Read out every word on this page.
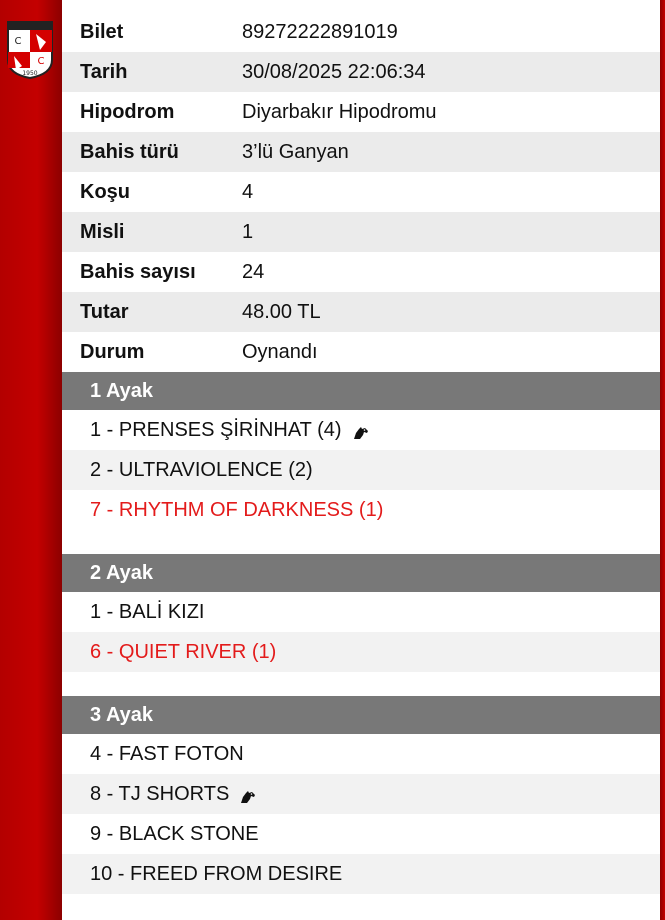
C
C
1950
Bilet	89272222891019
Tarih	30/08/2025 22:06:34
Hipodrom	Diyarbakır Hipodromu
Bahis türü	3’lü Ganyan
Koşu	4
Misli	1
Bahis sayısı	24
Tutar	48.00 TL
Durum	Oynandı
1 Ayak
1 - PRENSES ŞİRİNHAT (4)
2 - ULTRAVIOLENCE (2)
7 - RHYTHM OF DARKNESS (1)
2 Ayak
1 - BALİ KIZI
6 - QUIET RIVER (1)
3 Ayak
4 - FAST FOTON
8 - TJ SHORTS
9 - BLACK STONE
10 - FREED FROM DESIRE
